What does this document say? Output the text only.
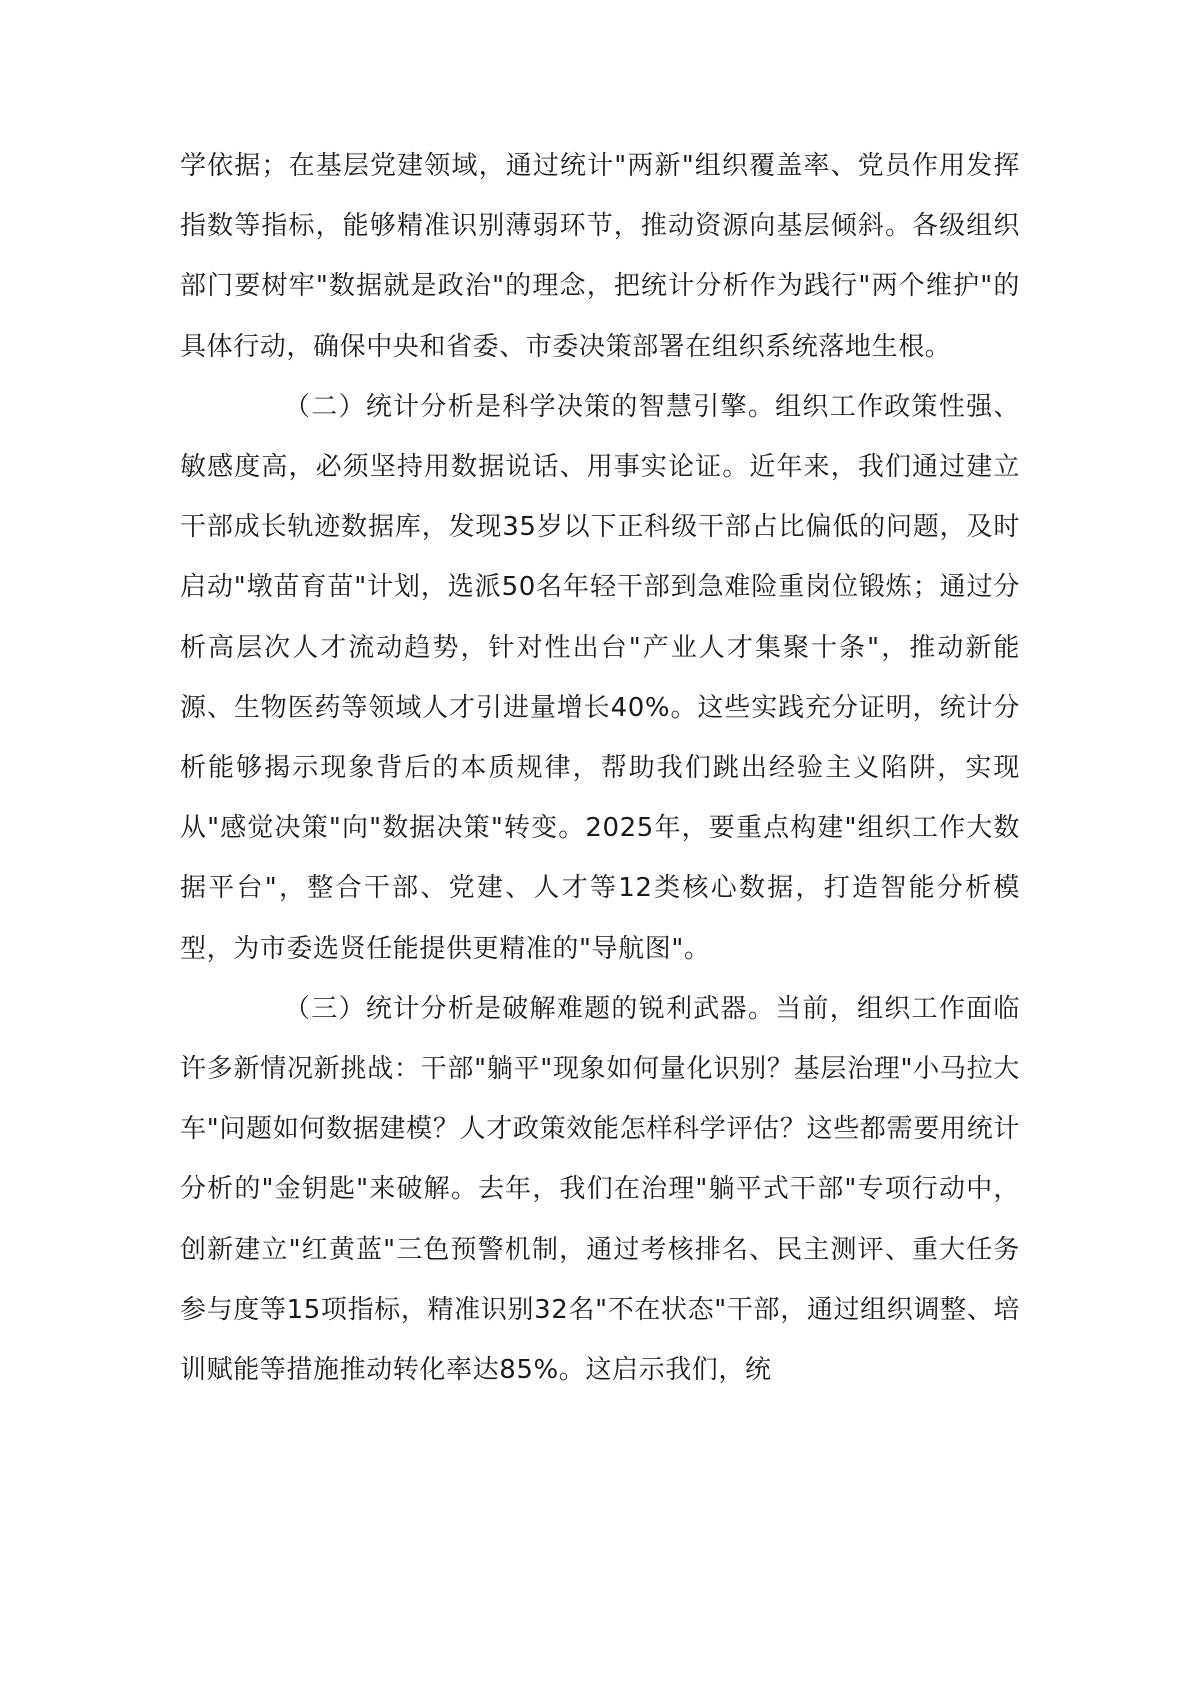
学依据；在基层党建领域，通过统计"两新"组织覆盖率、党员作用发挥指数等指标，能够精准识别薄弱环节，推动资源向基层倾斜。各级组织部门要树牢"数据就是政治"的理念，把统计分析作为践行"两个维护"的具体行动，确保中央和省委、市委决策部署在组织系统落地生根。

（二）统计分析是科学决策的智慧引擎。组织工作政策性强、敏感度高，必须坚持用数据说话、用事实论证。近年来，我们通过建立干部成长轨迹数据库，发现35岁以下正科级干部占比偏低的问题，及时启动"墩苗育苗"计划，选派50名年轻干部到急难险重岗位锻炼；通过分析高层次人才流动趋势，针对性出台"产业人才集聚十条"，推动新能源、生物医药等领域人才引进量增长40%。这些实践充分证明，统计分析能够揭示现象背后的本质规律，帮助我们跳出经验主义陷阱，实现从"感觉决策"向"数据决策"转变。2025年，要重点构建"组织工作大数据平台"，整合干部、党建、人才等12类核心数据，打造智能分析模型，为市委选贤任能提供更精准的"导航图"。

（三）统计分析是破解难题的锐利武器。当前，组织工作面临许多新情况新挑战：干部"躺平"现象如何量化识别？基层治理"小马拉大车"问题如何数据建模？人才政策效能怎样科学评估？这些都需要用统计分析的"金钥匙"来破解。去年，我们在治理"躺平式干部"专项行动中，创新建立"红黄蓝"三色预警机制，通过考核排名、民主测评、重大任务参与度等15项指标，精准识别32名"不在状态"干部，通过组织调整、培训赋能等措施推动转化率达85%。这启示我们，统
